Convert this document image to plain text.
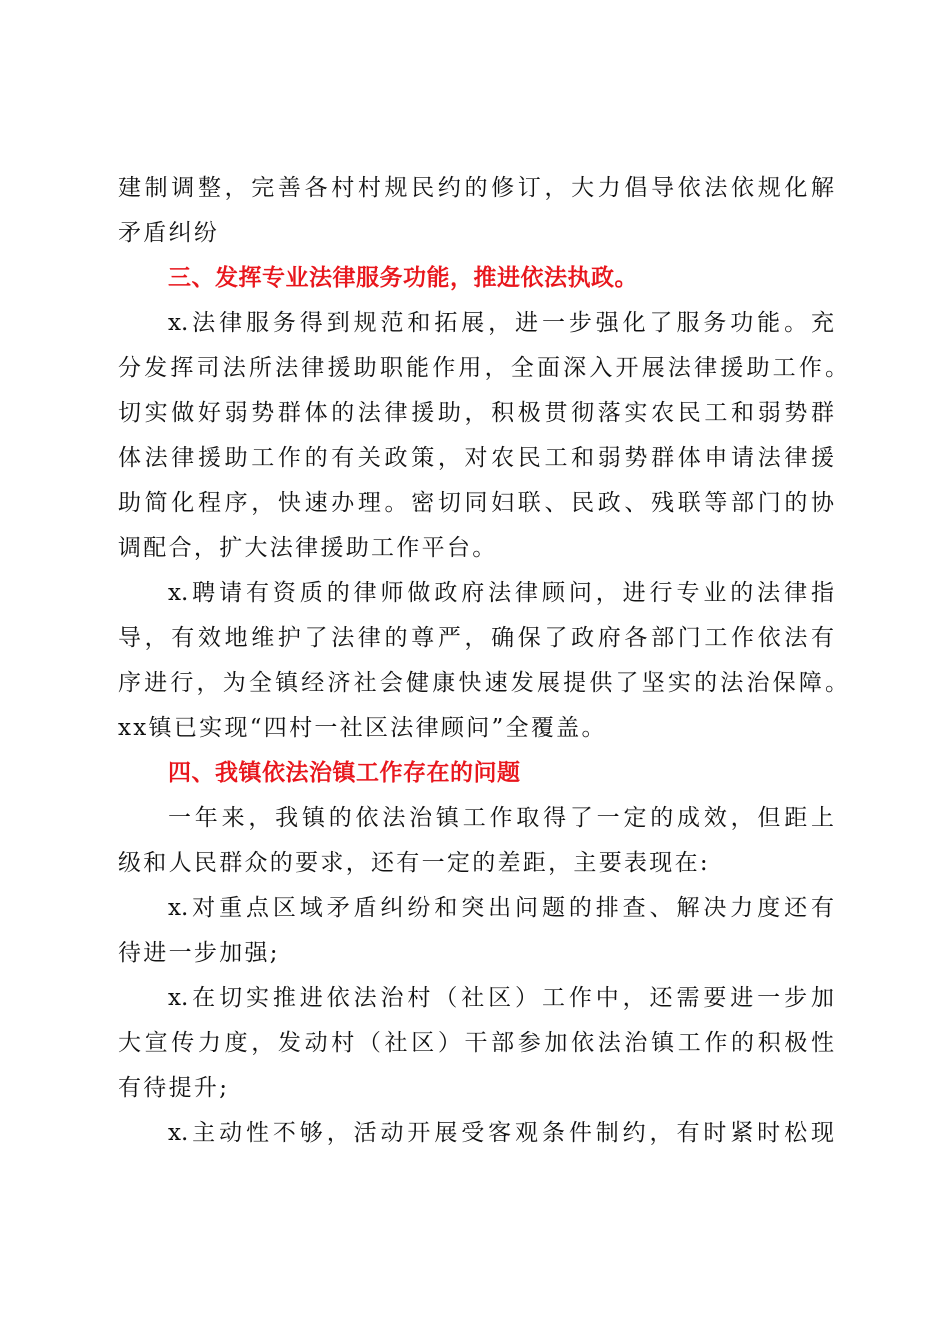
建制调整，完善各村村规民约的修订，大力倡导依法依规化解
矛盾纠纷
三、发挥专业法律服务功能，推进依法执政。
x.法律服务得到规范和拓展，进一步强化了服务功能。充
分发挥司法所法律援助职能作用，全面深入开展法律援助工作。
切实做好弱势群体的法律援助，积极贯彻落实农民工和弱势群
体法律援助工作的有关政策，对农民工和弱势群体申请法律援
助简化程序，快速办理。密切同妇联、民政、残联等部门的协
调配合，扩大法律援助工作平台。
x.聘请有资质的律师做政府法律顾问，进行专业的法律指
导，有效地维护了法律的尊严，确保了政府各部门工作依法有
序进行，为全镇经济社会健康快速发展提供了坚实的法治保障。
xx镇已实现“四村一社区法律顾问”全覆盖。
四、我镇依法治镇工作存在的问题
一年来，我镇的依法治镇工作取得了一定的成效，但距上
级和人民群众的要求，还有一定的差距，主要表现在:
x.对重点区域矛盾纠纷和突出问题的排查、解决力度还有
待进一步加强;
x.在切实推进依法治村（社区）工作中，还需要进一步加
大宣传力度，发动村（社区）干部参加依法治镇工作的积极性
有待提升;
x.主动性不够，活动开展受客观条件制约，有时紧时松现
